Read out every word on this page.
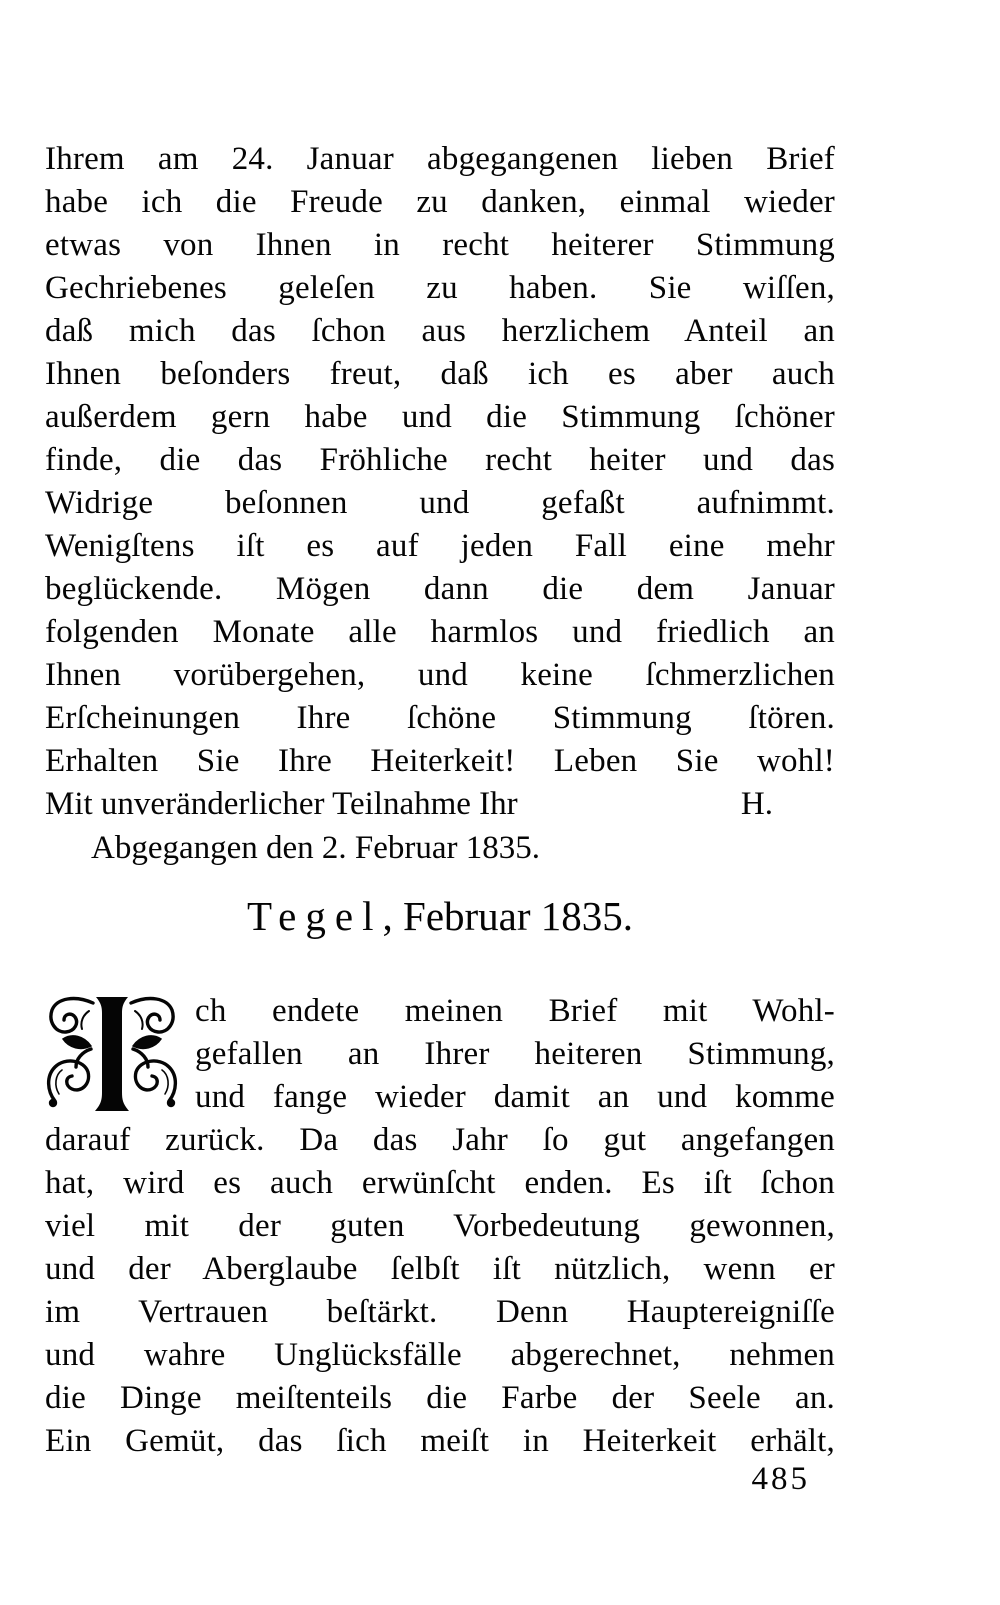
Ihrem am 24. Januar abgegangenen lieben Brief
habe ich die Freude zu danken, einmal wieder
etwas von Ihnen in recht heiterer Stimmung
Gechriebenes geleſen zu haben. Sie wiſſen,
daß mich das ſchon aus herzlichem Anteil an
Ihnen beſonders freut, daß ich es aber auch
außerdem gern habe und die Stimmung ſchöner
finde, die das Fröhliche recht heiter und das
Widrige beſonnen und gefaßt aufnimmt.
Wenigſtens iſt es auf jeden Fall eine mehr
beglückende. Mögen dann die dem Januar
folgenden Monate alle harmlos und friedlich an
Ihnen vorübergehen, und keine ſchmerzlichen
Erſcheinungen Ihre ſchöne Stimmung ſtören.
Erhalten Sie Ihre Heiterkeit! Leben Sie wohl!
Mit unveränderlicher Teilnahme Ihr	H.
Abgegangen den 2. Februar 1835.
Tegel, Februar 1835.
ch endete meinen Brief mit Wohl-
gefallen an Ihrer heiteren Stimmung,
und fange wieder damit an und komme
darauf zurück. Da das Jahr ſo gut angefangen
hat, wird es auch erwünſcht enden. Es iſt ſchon
viel mit der guten Vorbedeutung gewonnen,
und der Aberglaube ſelbſt iſt nützlich, wenn er
im Vertrauen beſtärkt. Denn Hauptereigniſſe
und wahre Unglücksfälle abgerechnet, nehmen
die Dinge meiſtenteils die Farbe der Seele an.
Ein Gemüt, das ſich meiſt in Heiterkeit erhält,
485
